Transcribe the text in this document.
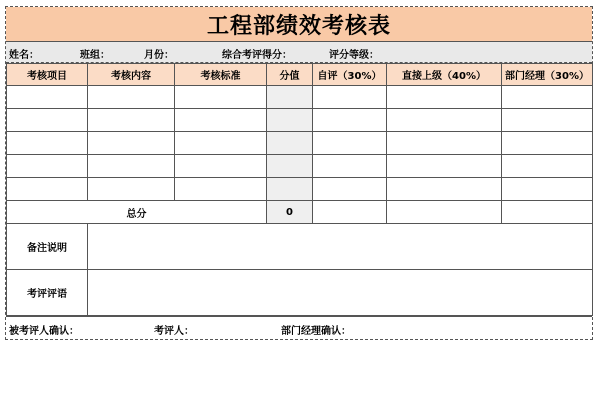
工程部绩效考核表
姓名：	班组：	月份：	综合考评得分：	评分等级：
考核项目	考核内容	考核标准	分值	自评（30%）	直接上级（40%）	部门经理（30%）

总分			0			
备注说明						
考评评语						
被考评人确认：	考评人：	部门经理确认：
